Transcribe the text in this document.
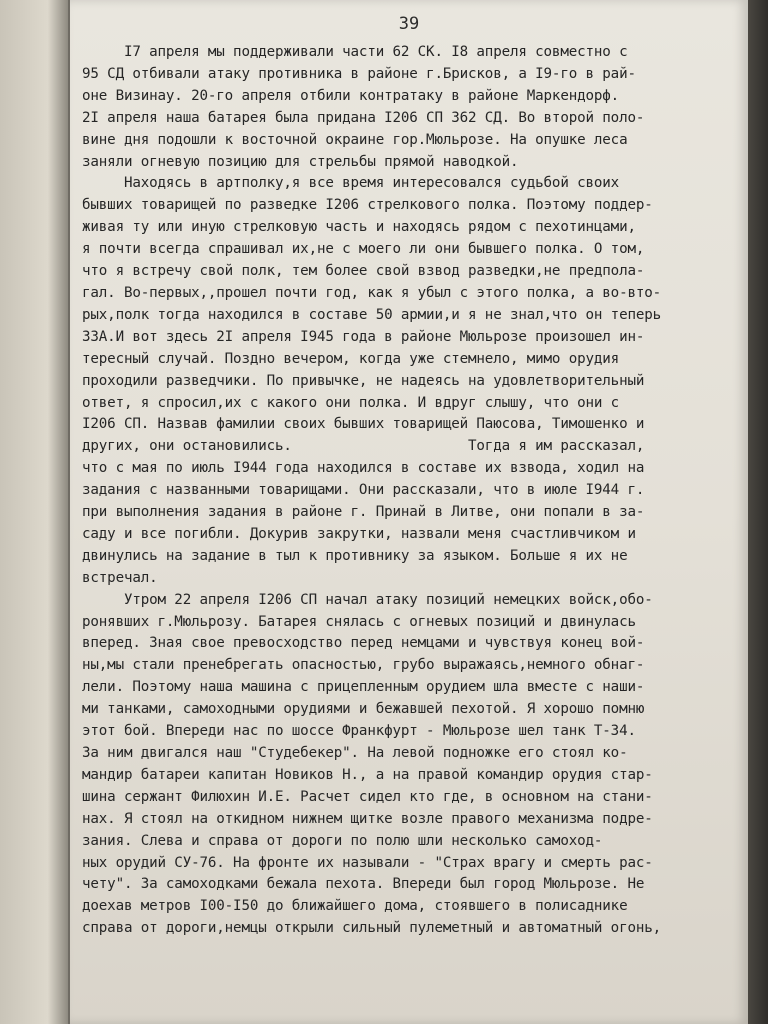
39
I7 апреля мы поддерживали части 62 СК. I8 апреля совместно с
95 СД отбивали атаку противника в районе г.Брисков, а I9-го в рай-
оне Визинау. 20-го апреля отбили контратаку в районе Маркендорф.
2I апреля наша батарея была придана I206 СП 362 СД. Во второй поло-
вине дня подошли к восточной окраине гор.Мюльрозе. На опушке леса
заняли огневую позицию для стрельбы прямой наводкой.
Находясь в артполку,я все время интересовался судьбой своих
бывших товарищей по разведке I206 стрелкового полка. Поэтому поддер-
живая ту или иную стрелковую часть и находясь рядом с пехотинцами,
я почти всегда спрашивал их,не с моего ли они бывшего полка. О том,
что я встречу свой полк, тем более свой взвод разведки,не предпола-
гал. Во-первых,,прошел почти год, как я убыл с этого полка, а во-вто-
рых,полк тогда находился в составе 50 армии,и я не знал,что он теперь
33А.И вот здесь 2I апреля I945 года в районе Мюльрозе произошел ин-
тересный случай. Поздно вечером, когда уже стемнело, мимо орудия
проходили разведчики. По привычке, не надеясь на удовлетворительный
ответ, я спросил,их с какого они полка. И вдруг слышу, что они с
I206 СП. Назвав фамилии своих бывших товарищей Паюсова, Тимошенко и
других, они остановились.                     Тогда я им рассказал,
что с мая по июль I944 года находился в составе их взвода, ходил на
задания с названными товарищами. Они рассказали, что в июле I944 г.
при выполнения задания в районе г. Принай в Литве, они попали в за-
саду и все погибли. Докурив закрутки, назвали меня счастливчиком и
двинулись на задание в тыл к противнику за языком. Больше я их не
встречал.
Утром 22 апреля I206 СП начал атаку позиций немецких войск,обо-
ронявших г.Мюльрозу. Батарея снялась с огневых позиций и двинулась
вперед. Зная свое превосходство перед немцами и чувствуя конец вой-
ны,мы стали пренебрегать опасностью, грубо выражаясь,немного обнаг-
лели. Поэтому наша машина с прицепленным орудием шла вместе с наши-
ми танками, самоходными орудиями и бежавшей пехотой. Я хорошо помню
этот бой. Впереди нас по шоссе Франкфурт - Мюльрозе шел танк Т-34.
За ним двигался наш "Студебекер". На левой подножке его стоял ко-
мандир батареи капитан Новиков Н., а на правой командир орудия стар-
шина сержант Филюхин И.Е. Расчет сидел кто где, в основном на стани-
нах. Я стоял на откидном нижнем щитке возле правого механизма подре-
зания. Слева и справа от дороги по полю шли несколько самоход-
ных орудий СУ-76. На фронте их называли - "Страх врагу и смерть рас-
чету". За самоходками бежала пехота. Впереди был город Мюльрозе. Не
доехав метров I00-I50 до ближайшего дома, стоявшего в полисаднике
справа от дороги,немцы открыли сильный пулеметный и автоматный огонь,
